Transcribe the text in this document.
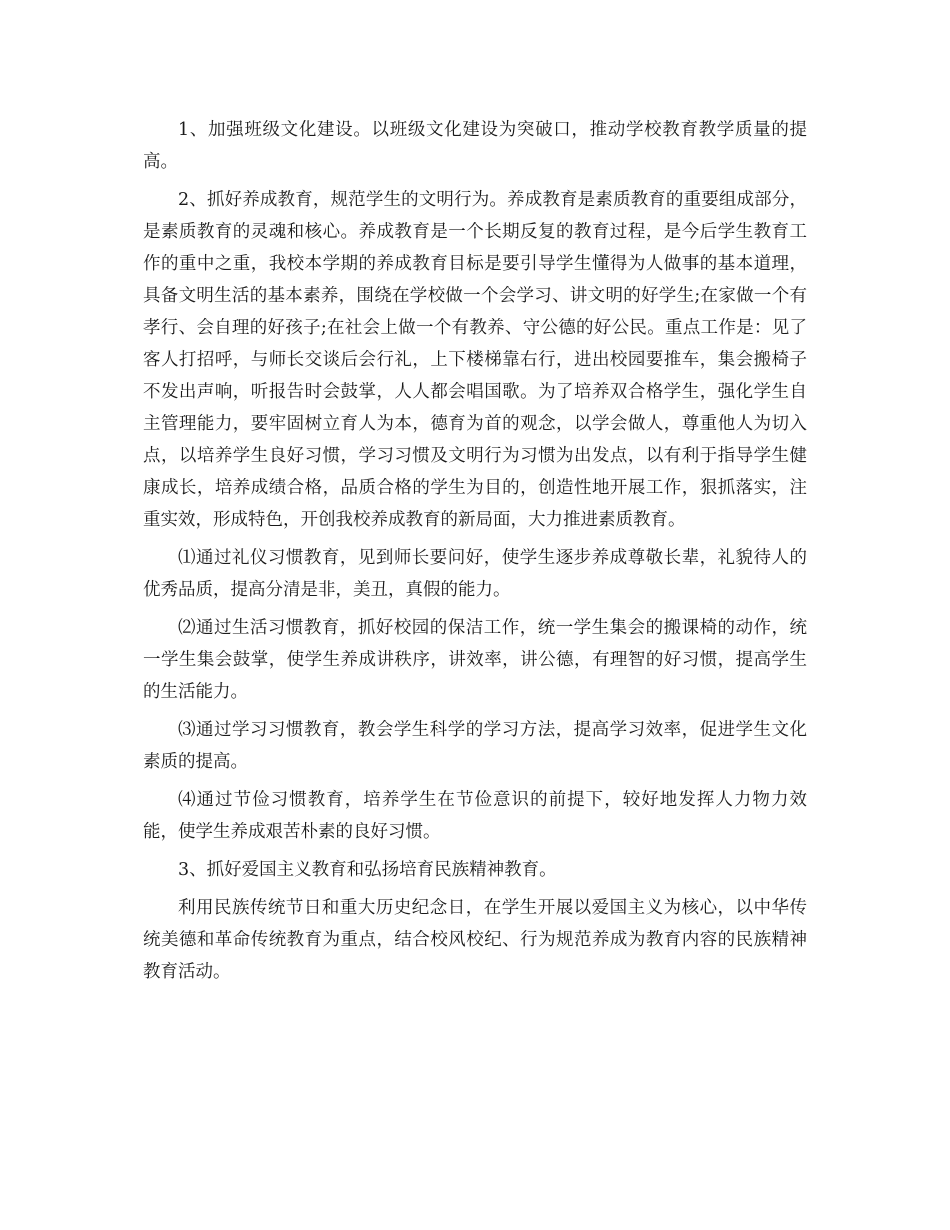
1、加强班级文化建设。以班级文化建设为突破口，推动学校教育教学质量的提高。

2、抓好养成教育，规范学生的文明行为。养成教育是素质教育的重要组成部分，是素质教育的灵魂和核心。养成教育是一个长期反复的教育过程，是今后学生教育工作的重中之重，我校本学期的养成教育目标是要引导学生懂得为人做事的基本道理，具备文明生活的基本素养，围绕在学校做一个会学习、讲文明的好学生;在家做一个有孝行、会自理的好孩子;在社会上做一个有教养、守公德的好公民。重点工作是：见了客人打招呼，与师长交谈后会行礼，上下楼梯靠右行，进出校园要推车，集会搬椅子不发出声响，听报告时会鼓掌，人人都会唱国歌。为了培养双合格学生，强化学生自主管理能力，要牢固树立育人为本，德育为首的观念，以学会做人，尊重他人为切入点，以培养学生良好习惯，学习习惯及文明行为习惯为出发点，以有利于指导学生健康成长，培养成绩合格，品质合格的学生为目的，创造性地开展工作，狠抓落实，注重实效，形成特色，开创我校养成教育的新局面，大力推进素质教育。

⑴通过礼仪习惯教育，见到师长要问好，使学生逐步养成尊敬长辈，礼貌待人的优秀品质，提高分清是非，美丑，真假的能力。

⑵通过生活习惯教育，抓好校园的保洁工作，统一学生集会的搬课椅的动作，统一学生集会鼓掌，使学生养成讲秩序，讲效率，讲公德，有理智的好习惯，提高学生的生活能力。

⑶通过学习习惯教育，教会学生科学的学习方法，提高学习效率，促进学生文化素质的提高。

⑷通过节俭习惯教育，培养学生在节俭意识的前提下，较好地发挥人力物力效能，使学生养成艰苦朴素的良好习惯。

3、抓好爱国主义教育和弘扬培育民族精神教育。

利用民族传统节日和重大历史纪念日，在学生开展以爱国主义为核心，以中华传统美德和革命传统教育为重点，结合校风校纪、行为规范养成为教育内容的民族精神教育活动。
